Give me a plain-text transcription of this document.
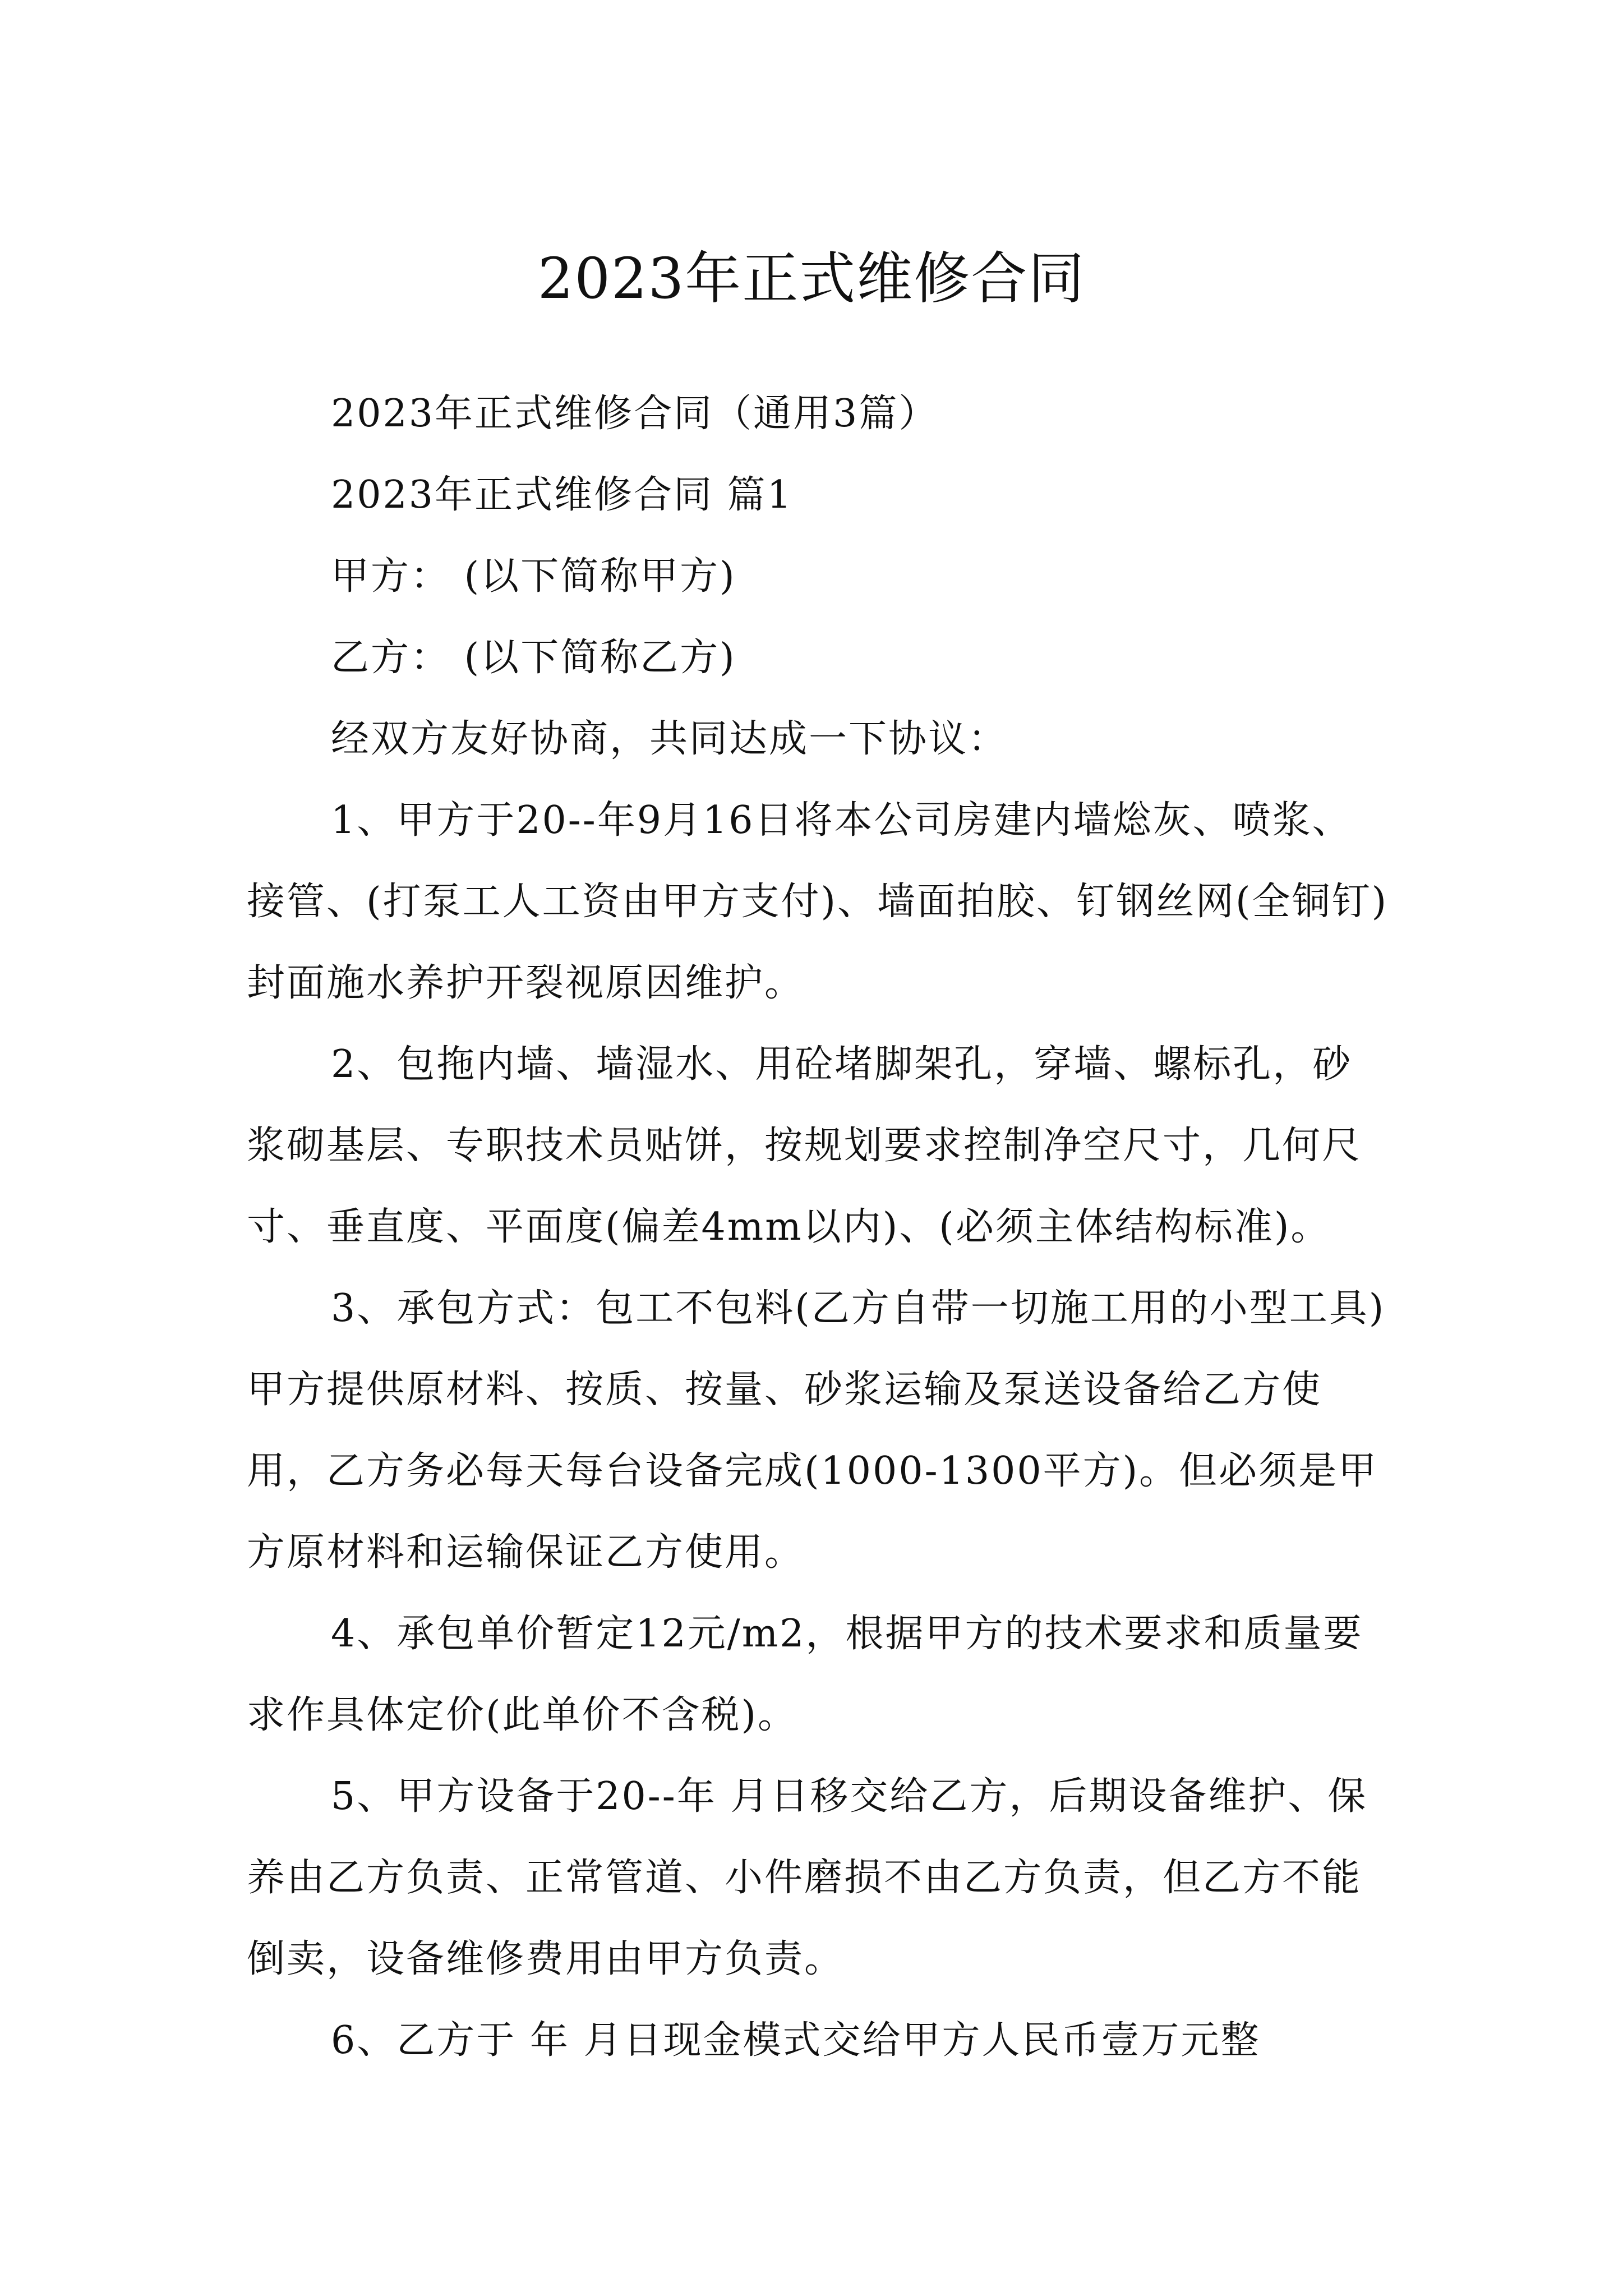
2023年正式维修合同

2023年正式维修合同（通用3篇）

2023年正式维修合同 篇1

甲方： (以下简称甲方)

乙方： (以下简称乙方)

经双方友好协商，共同达成一下协议：

1、甲方于20--年9月16日将本公司房建内墙焧灰、喷浆、接管、(打泵工人工资由甲方支付)、墙面拍胶、钉钢丝网(全铜钉)封面施水养护开裂视原因维护。

2、包拖内墙、墙湿水、用砼堵脚架孔，穿墙、螺标孔，砂浆砌基层、专职技术员贴饼，按规划要求控制净空尺寸，几何尺寸、垂直度、平面度(偏差4mm以内)、(必须主体结构标准)。

3、承包方式：包工不包料(乙方自带一切施工用的小型工具)甲方提供原材料、按质、按量、砂浆运输及泵送设备给乙方使用，乙方务必每天每台设备完成(1000-1300平方)。但必须是甲方原材料和运输保证乙方使用。

4、承包单价暂定12元/m2，根据甲方的技术要求和质量要求作具体定价(此单价不含税)。

5、甲方设备于20--年 月日移交给乙方，后期设备维护、保养由乙方负责、正常管道、小件磨损不由乙方负责，但乙方不能倒卖，设备维修费用由甲方负责。

6、乙方于 年 月日现金模式交给甲方人民币壹万元整
